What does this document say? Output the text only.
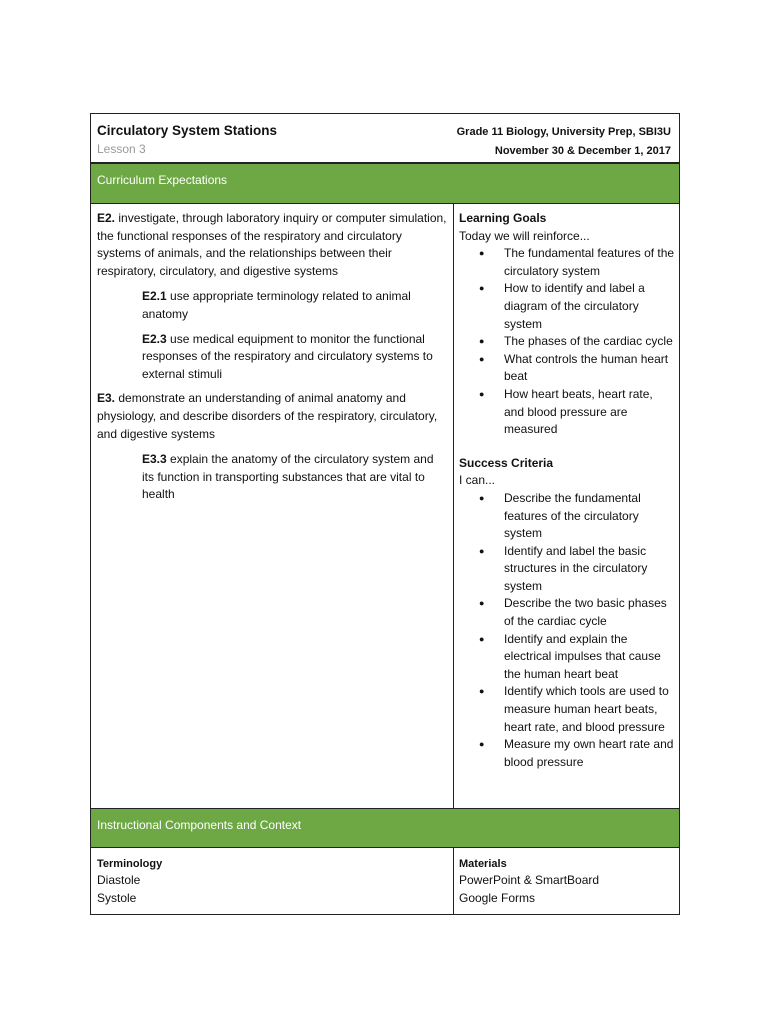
Circulatory System Stations
Lesson 3
Grade 11 Biology, University Prep, SBI3U
November 30 & December 1, 2017
Curriculum Expectations

E2. investigate, through laboratory inquiry or computer simulation, the functional responses of the respiratory and circulatory systems of animals, and the relationships between their respiratory, circulatory, and digestive systems

E2.1 use appropriate terminology related to animal anatomy

E2.3 use medical equipment to monitor the functional responses of the respiratory and circulatory systems to external stimuli

E3. demonstrate an understanding of animal anatomy and physiology, and describe disorders of the respiratory, circulatory, and digestive systems

E3.3 explain the anatomy of the circulatory system and its function in transporting substances that are vital to health

Learning Goals
Today we will reinforce...
● The fundamental features of the circulatory system
● How to identify and label a diagram of the circulatory system
● The phases of the cardiac cycle
● What controls the human heart beat
● How heart beats, heart rate, and blood pressure are measured
Success Criteria
I can...
● Describe the fundamental features of the circulatory system
● Identify and label the basic structures in the circulatory system
● Describe the two basic phases of the cardiac cycle
● Identify and explain the electrical impulses that cause the human heart beat
● Identify which tools are used to measure human heart beats, heart rate, and blood pressure
● Measure my own heart rate and blood pressure
Instructional Components and Context
Terminology
Diastole
Systole
Materials
PowerPoint & SmartBoard
Google Forms
